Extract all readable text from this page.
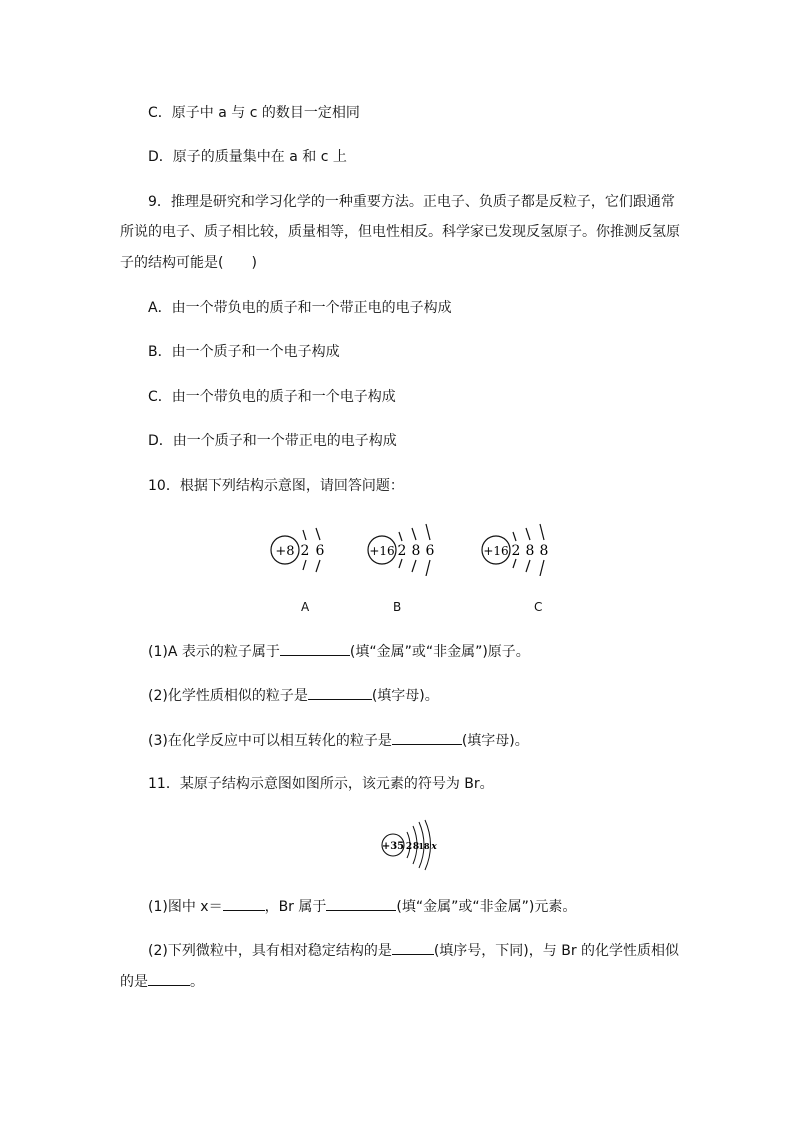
C．原子中 a 与 c 的数目一定相同
D．原子的质量集中在 a 和 c 上
9．推理是研究和学习化学的一种重要方法。正电子、负质子都是反粒子，它们跟通常
所说的电子、质子相比较，质量相等，但电性相反。科学家已发现反氢原子。你推测反氢原
子的结构可能是(　　)
A．由一个带负电的质子和一个带正电的电子构成
B．由一个质子和一个电子构成
C．由一个带负电的质子和一个电子构成
D．由一个质子和一个带正电的电子构成
10．根据下列结构示意图，请回答问题：
+8 2 6
A
+16 2 8 6
B
+16 2 8 8
C
(1)A 表示的粒子属于	(填“金属”或“非金属”)原子。
(2)化学性质相似的粒子是	(填字母)。
(3)在化学反应中可以相互转化的粒子是	(填字母)。
11．某原子结构示意图如图所示，该元素的符号为 Br。
+35 2 8 18 x
(1)图中 x＝	，Br 属于	(填“金属”或“非金属”)元素。
(2)下列微粒中，具有相对稳定结构的是	(填序号，下同)，与 Br 的化学性质相似
的是	。
